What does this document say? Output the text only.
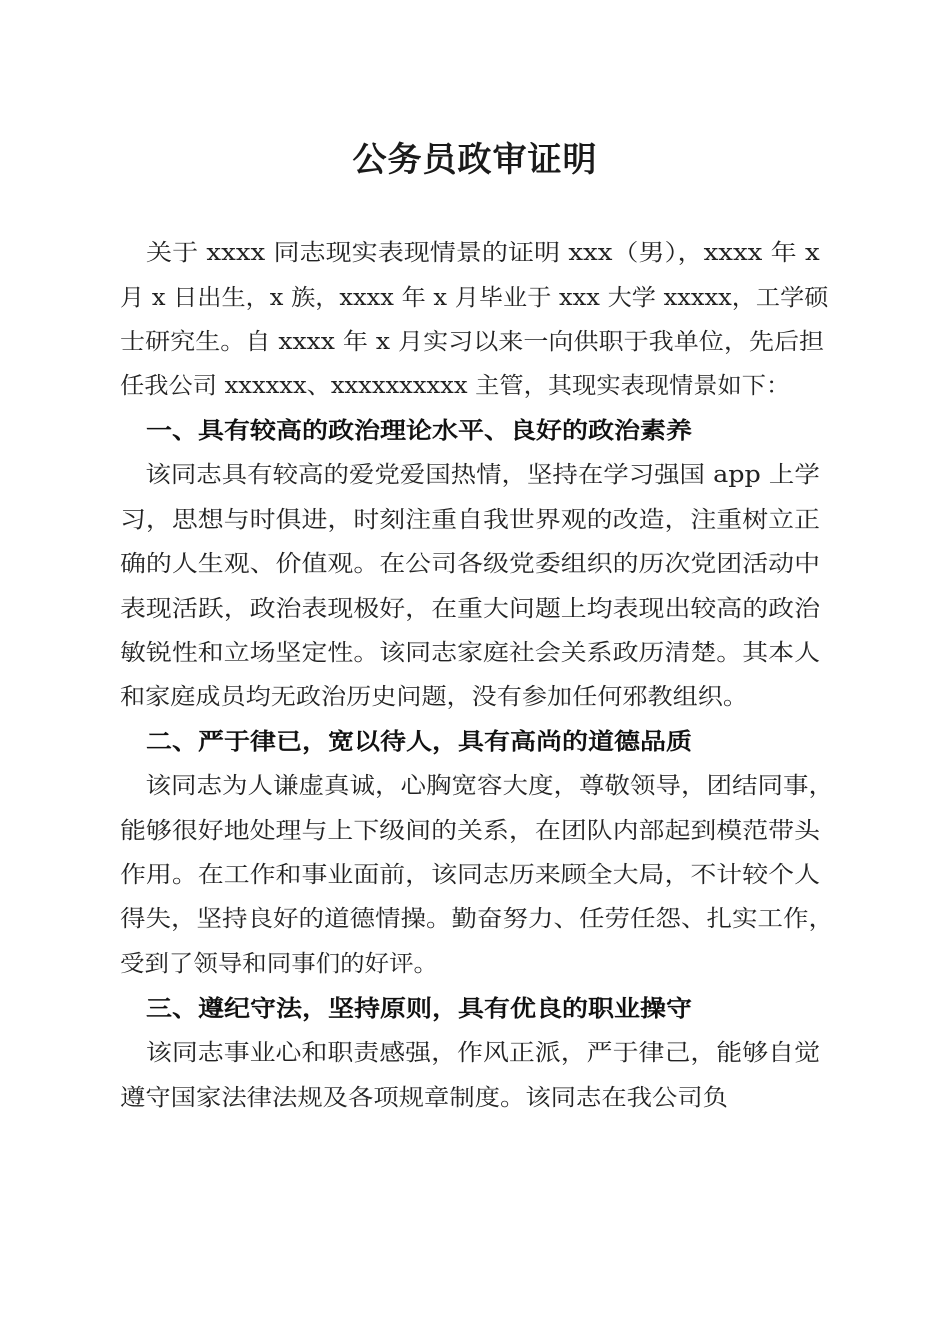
公务员政审证明

　关于 xxxx 同志现实表现情景的证明 xxx（男），xxxx 年 x

月 x 日出生，x 族，xxxx 年 x 月毕业于 xxx 大学 xxxxx，工学硕

士研究生。自 xxxx 年 x 月实习以来一向供职于我单位，先后担

任我公司 xxxxxx、xxxxxxxxxx 主管，其现实表现情景如下：

　一、具有较高的政治理论水平、良好的政治素养

　该同志具有较高的爱党爱国热情，坚持在学习强国 app 上学

习，思想与时俱进，时刻注重自我世界观的改造，注重树立正

确的人生观、价值观。在公司各级党委组织的历次党团活动中

表现活跃，政治表现极好，在重大问题上均表现出较高的政治

敏锐性和立场坚定性。该同志家庭社会关系政历清楚。其本人

和家庭成员均无政治历史问题，没有参加任何邪教组织。

　二、严于律已，宽以待人，具有高尚的道德品质

　该同志为人谦虚真诚，心胸宽容大度，尊敬领导，团结同事，

能够很好地处理与上下级间的关系，在团队内部起到模范带头

作用。在工作和事业面前，该同志历来顾全大局，不计较个人

得失，坚持良好的道德情操。勤奋努力、任劳任怨、扎实工作，

受到了领导和同事们的好评。

　三、遵纪守法，坚持原则，具有优良的职业操守

　该同志事业心和职责感强，作风正派，严于律己，能够自觉

遵守国家法律法规及各项规章制度。该同志在我公司负
